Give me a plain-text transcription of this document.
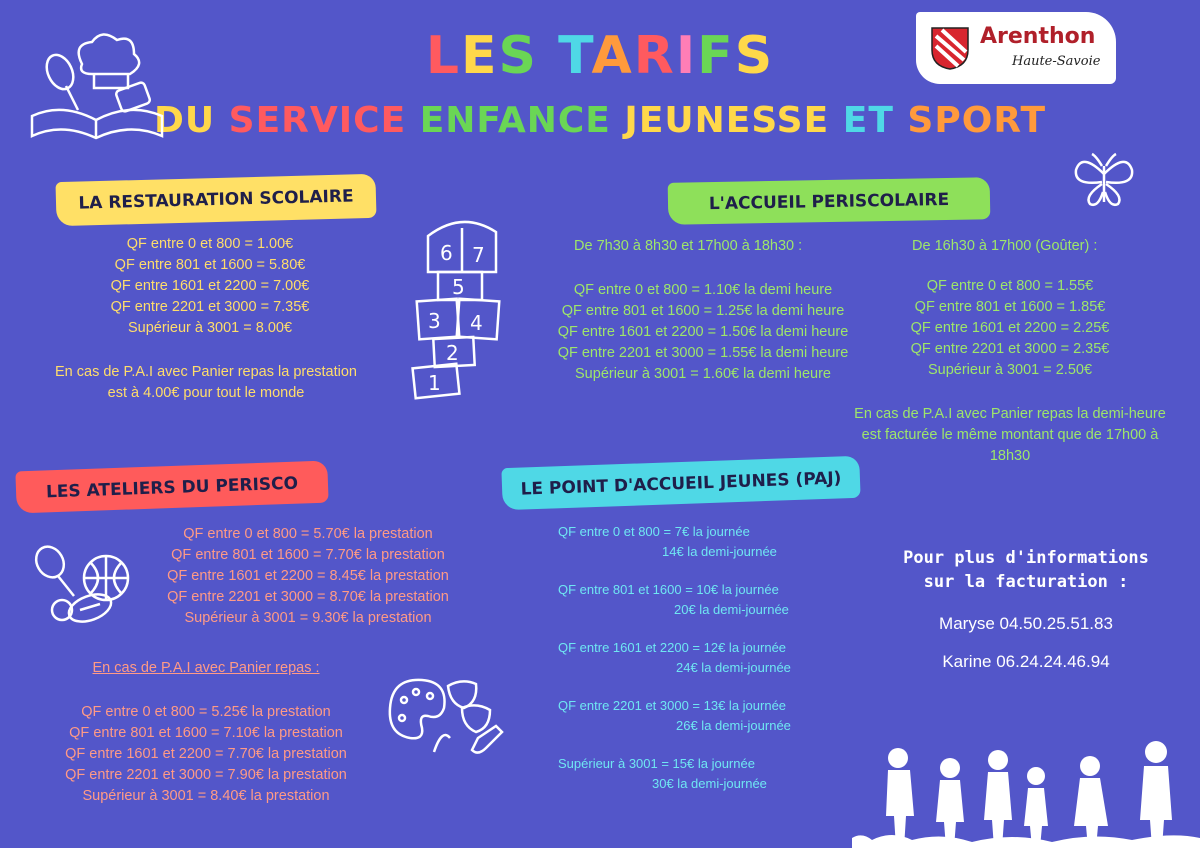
LES TARIFS
DU SERVICE ENFANCE JEUNESSE ET SPORT
Arenthon
Haute-Savoie
LA RESTAURATION SCOLAIRE
QF entre 0 et 800 = 1.00€
QF entre 801 et 1600 = 5.80€
QF entre 1601 et 2200 = 7.00€
QF entre 2201 et 3000 = 7.35€
Supérieur à 3001 = 8.00€
En cas de P.A.I avec Panier repas la prestation
est à 4.00€ pour tout le monde
6 7
5
3 4
2
1
L'ACCUEIL PERISCOLAIRE
De 7h30 à 8h30 et 17h00 à 18h30 :
QF entre 0 et 800 = 1.10€ la demi heure
QF entre 801 et 1600 = 1.25€ la demi heure
QF entre 1601 et 2200 = 1.50€ la demi heure
QF entre 2201 et 3000 = 1.55€ la demi heure
Supérieur à 3001 = 1.60€ la demi heure
De 16h30 à 17h00 (Goûter) :
QF entre 0 et 800 = 1.55€
QF entre 801 et 1600 = 1.85€
QF entre 1601 et 2200 = 2.25€
QF entre 2201 et 3000 = 2.35€
Supérieur à 3001 = 2.50€
En cas de P.A.I avec Panier repas la demi-heure
est facturée le même montant que de 17h00 à
18h30
LES ATELIERS DU PERISCO
QF entre 0 et 800 = 5.70€ la prestation
QF entre 801 et 1600 = 7.70€ la prestation
QF entre 1601 et 2200 = 8.45€ la prestation
QF entre 2201 et 3000 = 8.70€ la prestation
Supérieur à 3001 = 9.30€ la prestation
En cas de P.A.I avec Panier repas :
QF entre 0 et 800 = 5.25€ la prestation
QF entre 801 et 1600 = 7.10€ la prestation
QF entre 1601 et 2200 = 7.70€ la prestation
QF entre 2201 et 3000 = 7.90€ la prestation
Supérieur à 3001 = 8.40€ la prestation
LE POINT D'ACCUEIL JEUNES (PAJ)
QF entre 0 et 800 = 7€ la journée
14€ la demi-journée
QF entre 801 et 1600 = 10€ la journée
20€ la demi-journée
QF entre 1601 et 2200 = 12€ la journée
24€ la demi-journée
QF entre 2201 et 3000 = 13€ la journée
26€ la demi-journée
Supérieur à 3001 = 15€ la journée
30€ la demi-journée
Pour plus d'informations
sur la facturation :
Maryse 04.50.25.51.83
Karine 06.24.24.46.94
